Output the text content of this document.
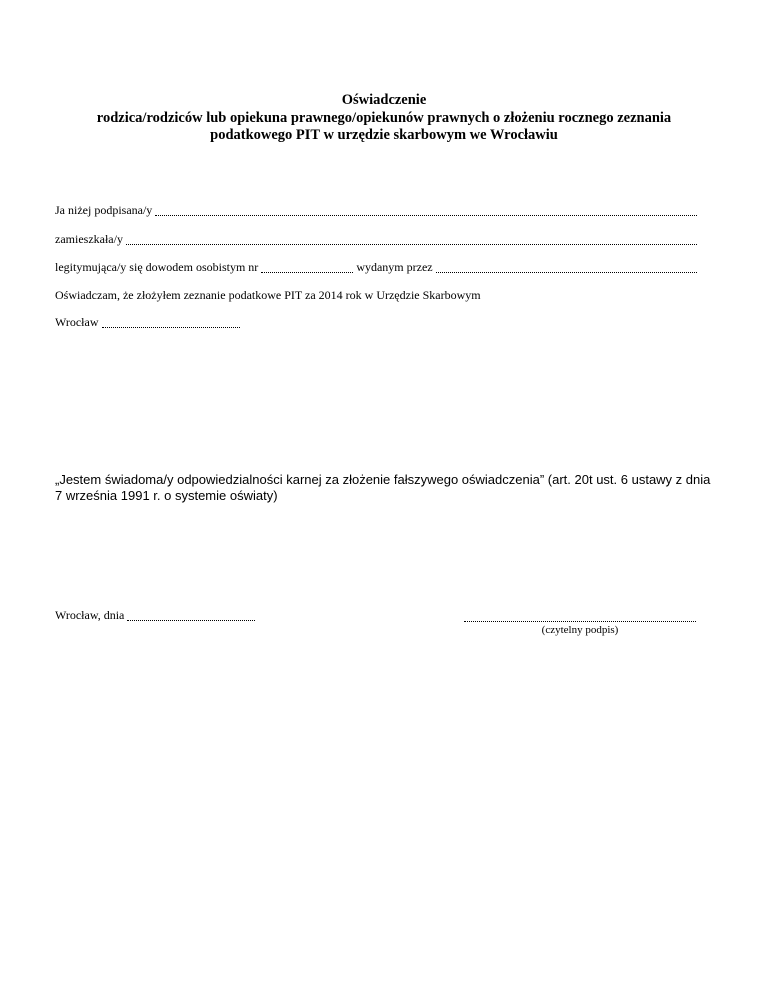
Oświadczenie
rodzica/rodziców lub opiekuna prawnego/opiekunów prawnych o złożeniu rocznego zeznania
podatkowego PIT w urzędzie skarbowym we Wrocławiu
Ja niżej podpisana/y
zamieszkała/y
legitymująca/y się dowodem osobistym nr	wydanym przez
Oświadczam, że złożyłem zeznanie podatkowe PIT za 2014 rok w Urzędzie Skarbowym
Wrocław
„Jestem świadoma/y odpowiedzialności karnej za złożenie fałszywego oświadczenia” (art. 20t ust. 6 ustawy z dnia 7 września 1991 r. o systemie oświaty)
Wrocław, dnia
(czytelny podpis)
